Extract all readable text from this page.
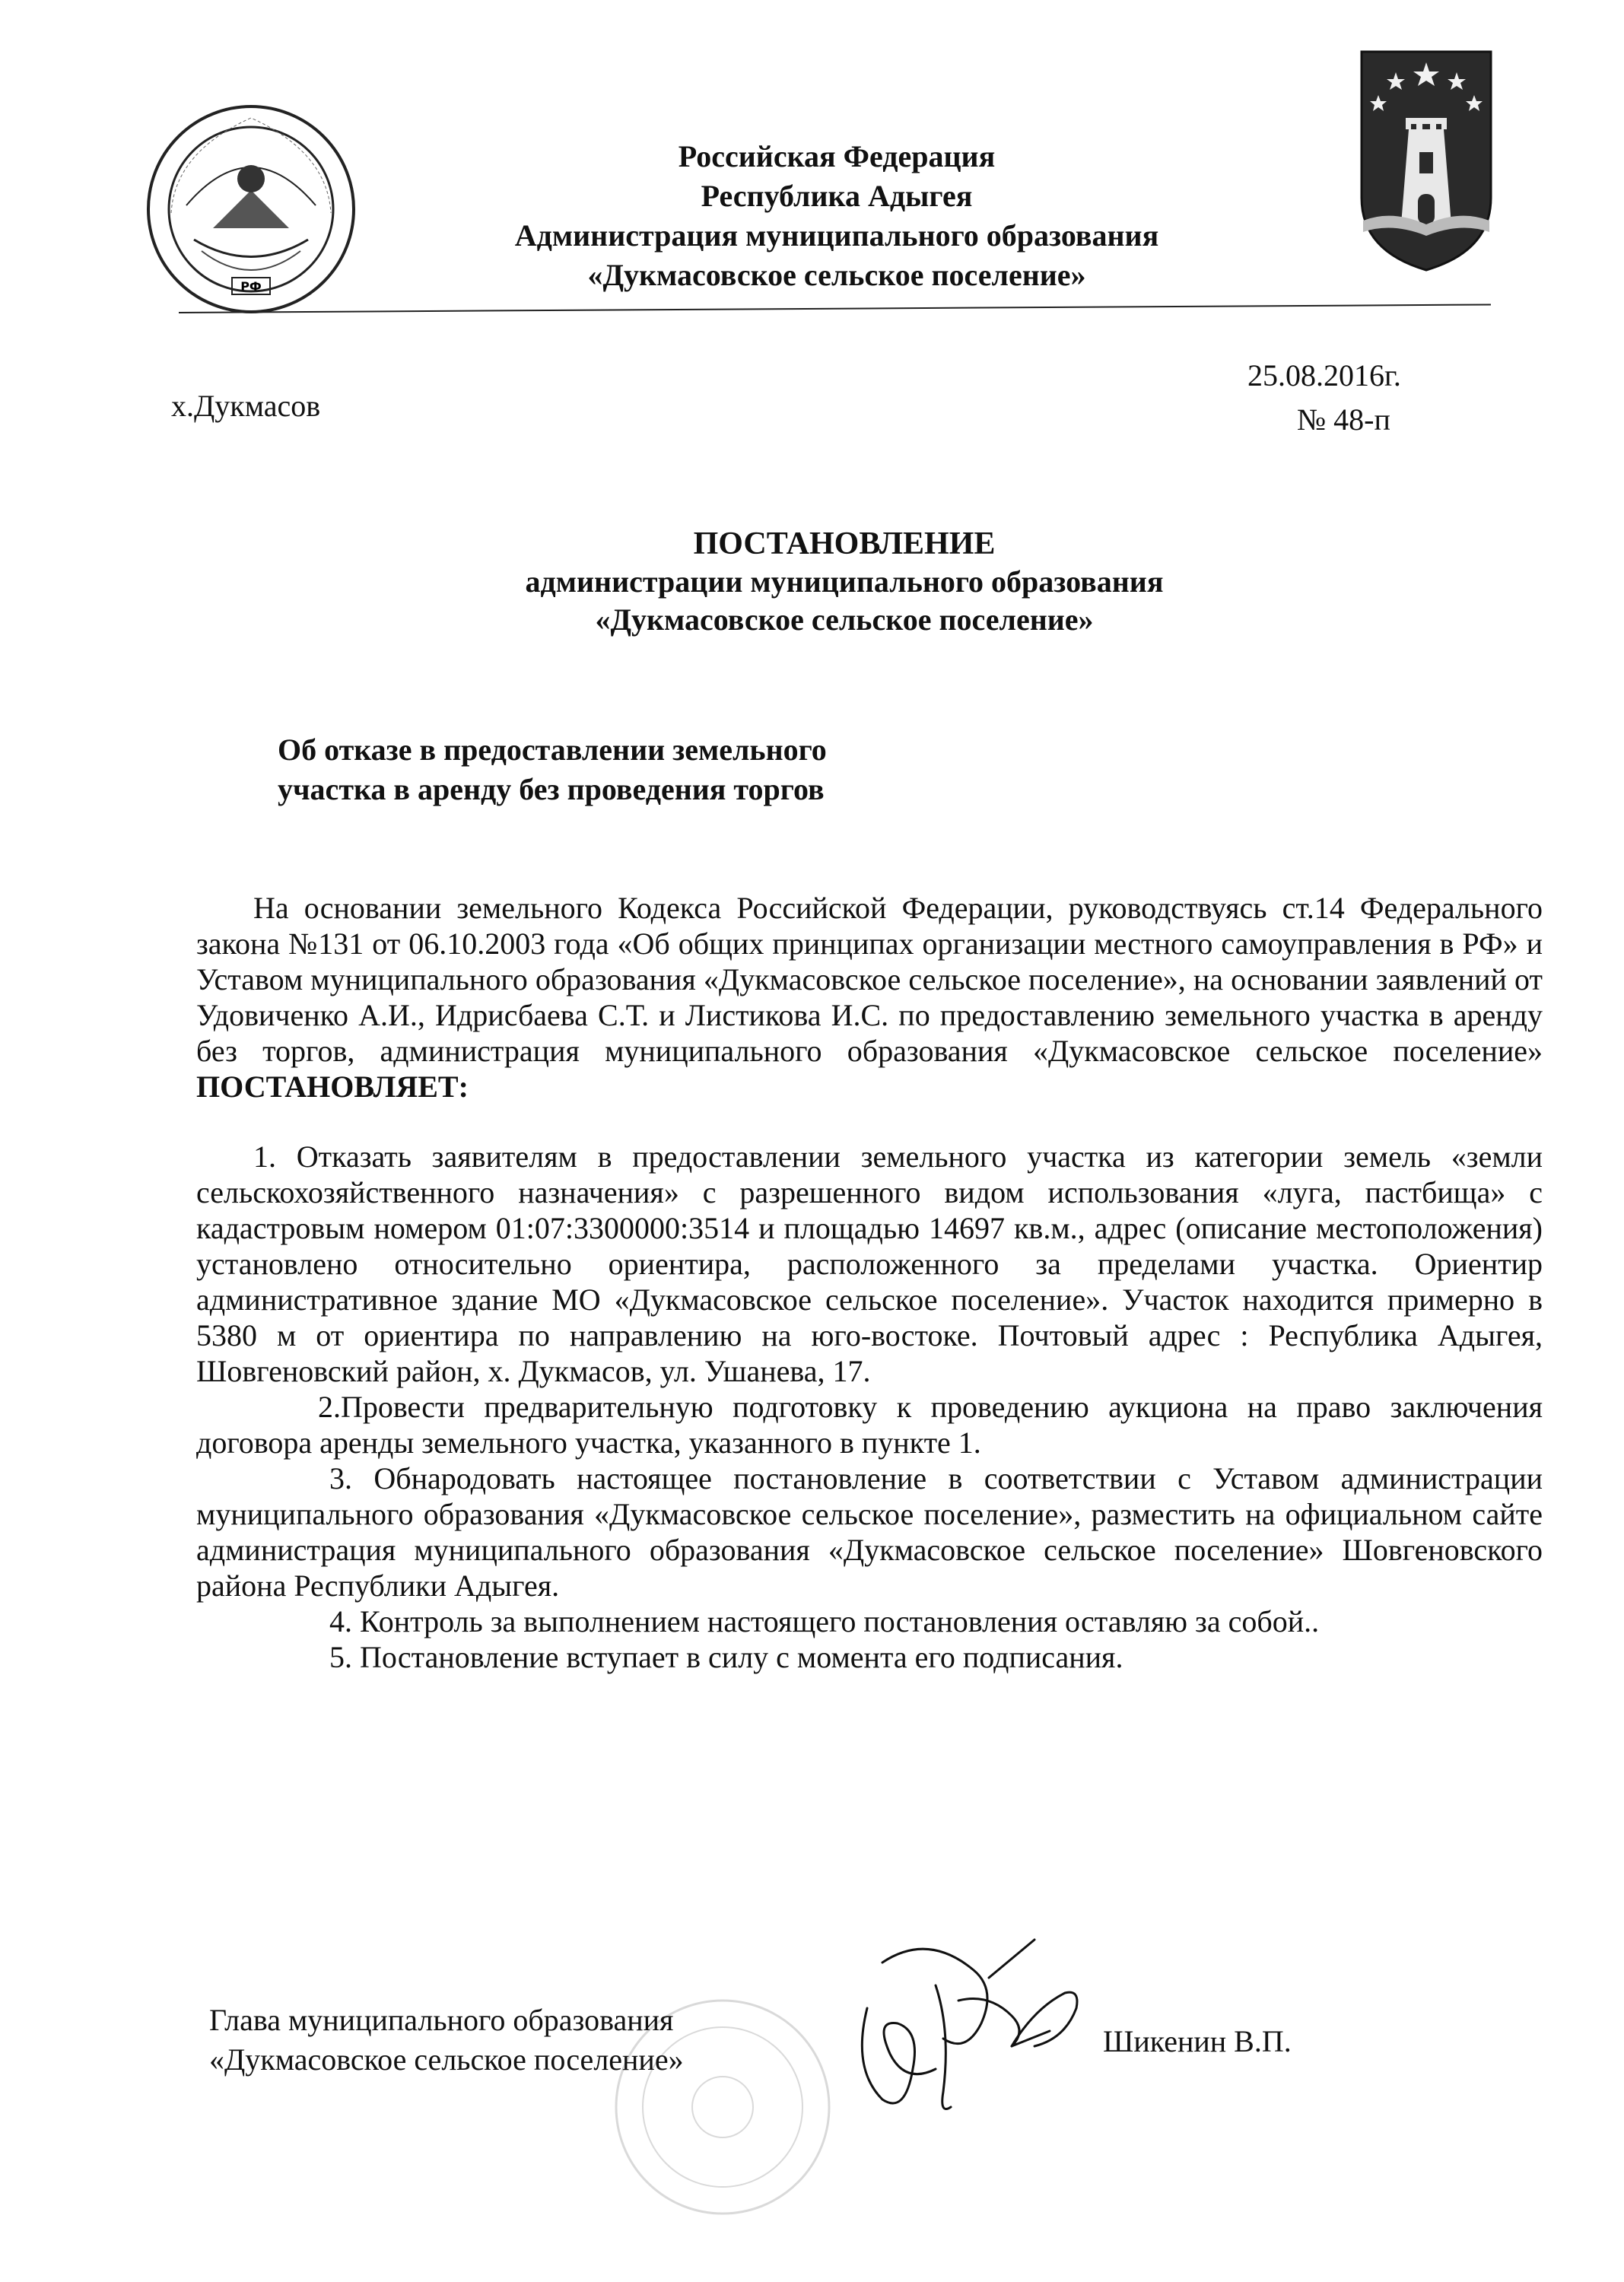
РФ
Российская Федерация
Республика Адыгея
Администрация муниципального образования
«Дукмасовское сельское поселение»
х.Дукмасов
25.08.2016г.
№ 48-п
ПОСТАНОВЛЕНИЕ
администрации муниципального образования
«Дукмасовское сельское поселение»
Об отказе в предоставлении земельного
участка в аренду без проведения торгов

На основании земельного Кодекса Российской Федерации, руководствуясь ст.14 Федерального закона №131 от 06.10.2003 года «Об общих принципах организации местного самоуправления в РФ» и Уставом муниципального образования «Дукмасовское сельское поселение», на основании заявлений от Удовиченко А.И., Идрисбаева С.Т. и Листикова И.С. по предоставлению земельного участка в аренду без торгов, администрация муниципального образования «Дукмасовское сельское поселение» ПОСТАНОВЛЯЕТ:

1. Отказать заявителям в предоставлении земельного участка из категории земель «земли сельскохозяйственного назначения» с разрешенного видом использования «луга, пастбища» с кадастровым номером 01:07:3300000:3514 и площадью 14697 кв.м., адрес (описание местоположения) установлено относительно ориентира, расположенного за пределами участка. Ориентир административное здание МО «Дукмасовское сельское поселение». Участок находится примерно в 5380 м от ориентира по направлению на юго-востоке. Почтовый адрес : Республика Адыгея, Шовгеновский район, х. Дукмасов, ул. Ушанева, 17.

2.Провести предварительную подготовку к проведению аукциона на право заключения договора аренды земельного участка, указанного в пункте 1.

3. Обнародовать настоящее постановление в соответствии с Уставом администрации муниципального образования «Дукмасовское сельское поселение», разместить на официальном сайте администрация муниципального образования «Дукмасовское сельское поселение» Шовгеновского района Республики Адыгея.

4. Контроль за выполнением настоящего постановления оставляю за собой..

5. Постановление вступает в силу с момента его подписания.

Глава муниципального образования
«Дукмасовское сельское поселение»
Шикенин В.П.
